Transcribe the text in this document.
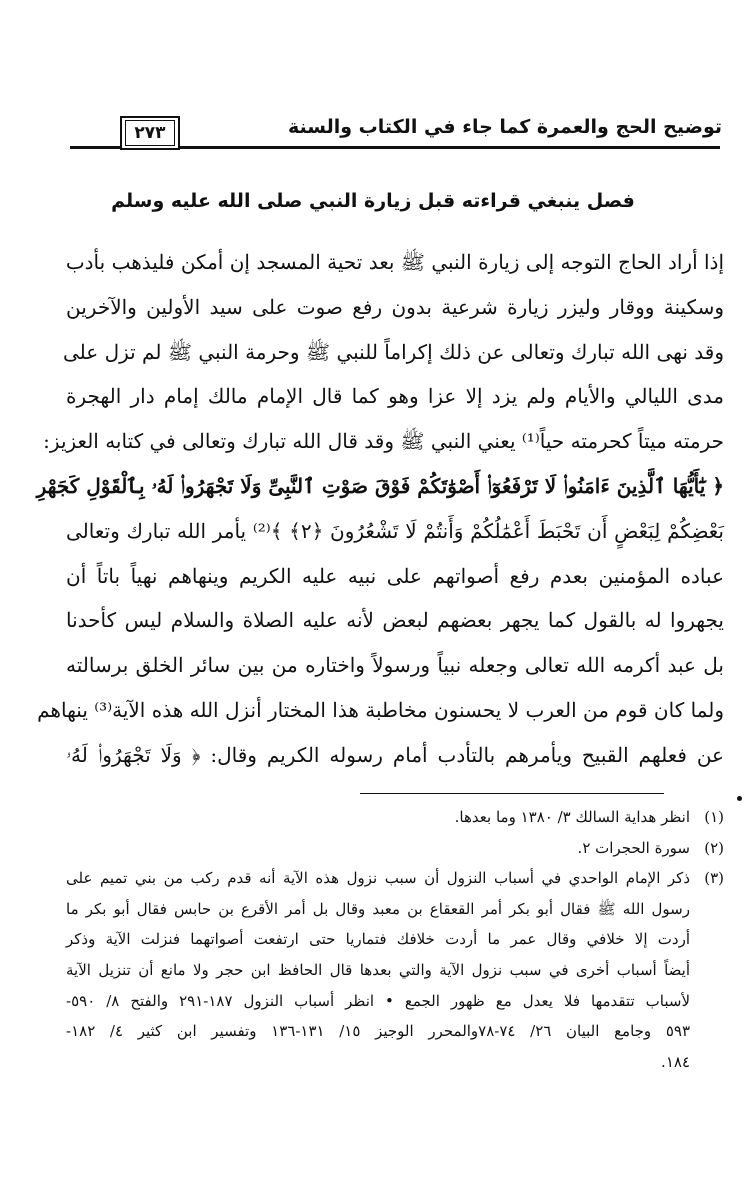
٢٧٣	توضيح الحج والعمرة كما جاء في الكتاب والسنة
فصل ينبغي قراءته قبل زيارة النبي صلى الله عليه وسلم
إذا أراد الحاج التوجه إلى زيارة النبي ﷺ بعد تحية المسجد إن أمكن فليذهب بأدب
وسكينة ووقار وليزر زيارة شرعية بدون رفع صوت على سيد الأولين والآخرين
وقد نهى الله تبارك وتعالى عن ذلك إكراماً للنبي ﷺ وحرمة النبي ﷺ لم تزل على
مدى الليالي والأيام ولم يزد إلا عزا وهو كما قال الإمام مالك إمام دار الهجرة
حرمته ميتاً كحرمته حياً⁽¹⁾ يعني النبي ﷺ وقد قال الله تبارك وتعالى في كتابه العزيز:
﴿ يَٰٓأَيُّهَا ٱلَّذِينَ ءَامَنُوا۟ لَا تَرْفَعُوٓا۟ أَصْوَٰتَكُمْ فَوْقَ صَوْتِ ٱلنَّبِىِّ وَلَا تَجْهَرُوا۟ لَهُۥ بِٱلْقَوْلِ كَجَهْرِ
بَعْضِكُمْ لِبَعْضٍ أَن تَحْبَطَ أَعْمَٰلُكُمْ وَأَنتُمْ لَا تَشْعُرُونَ ﴿٢﴾ ﴾⁽²⁾ يأمر الله تبارك وتعالى
عباده المؤمنين بعدم رفع أصواتهم على نبيه عليه الكريم وينهاهم نهياً باتاً أن
يجهروا له بالقول كما يجهر بعضهم لبعض لأنه عليه الصلاة والسلام ليس كأحدنا
بل عبد أكرمه الله تعالى وجعله نبياً ورسولاً واختاره من بين سائر الخلق برسالته
ولما كان قوم من العرب لا يحسنون مخاطبة هذا المختار أنزل الله هذه الآية⁽³⁾ ينهاهم
عن فعلهم القبيح ويأمرهم بالتأدب أمام رسوله الكريم وقال: ﴿ وَلَا تَجْهَرُوا۟ لَهُۥ
(١)
انظر هداية السالك ٣/ ١٣٨٠ وما بعدها.
(٢)
سورة الحجرات ٢.
(٣)
ذكر الإمام الواحدي في أسباب النزول أن سبب نزول هذه الآية أنه قدم ركب من بني تميم على
رسول الله ﷺ فقال أبو بكر أمر القعقاع بن معبد وقال بل أمر الأقرع بن حابس فقال أبو بكر ما
أردت إلا خلافي وقال عمر ما أردت خلافك فتماريا حتى ارتفعت أصواتهما فنزلت الآية وذكر
أيضاً أسباب أخرى في سبب نزول الآية والتي بعدها قال الحافظ ابن حجر ولا مانع أن تنزيل الآية
لأسباب تتقدمها فلا يعدل مع ظهور الجمع • انظر أسباب النزول ١٨٧-٢٩١ والفتح ٨/ ٥٩٠-
٥٩٣ وجامع البيان ٢٦/ ٧٤-٧٨والمحرر الوجيز ١٥/ ١٣١-١٣٦ وتفسير ابن كثير ٤/ ١٨٢-
١٨٤.
